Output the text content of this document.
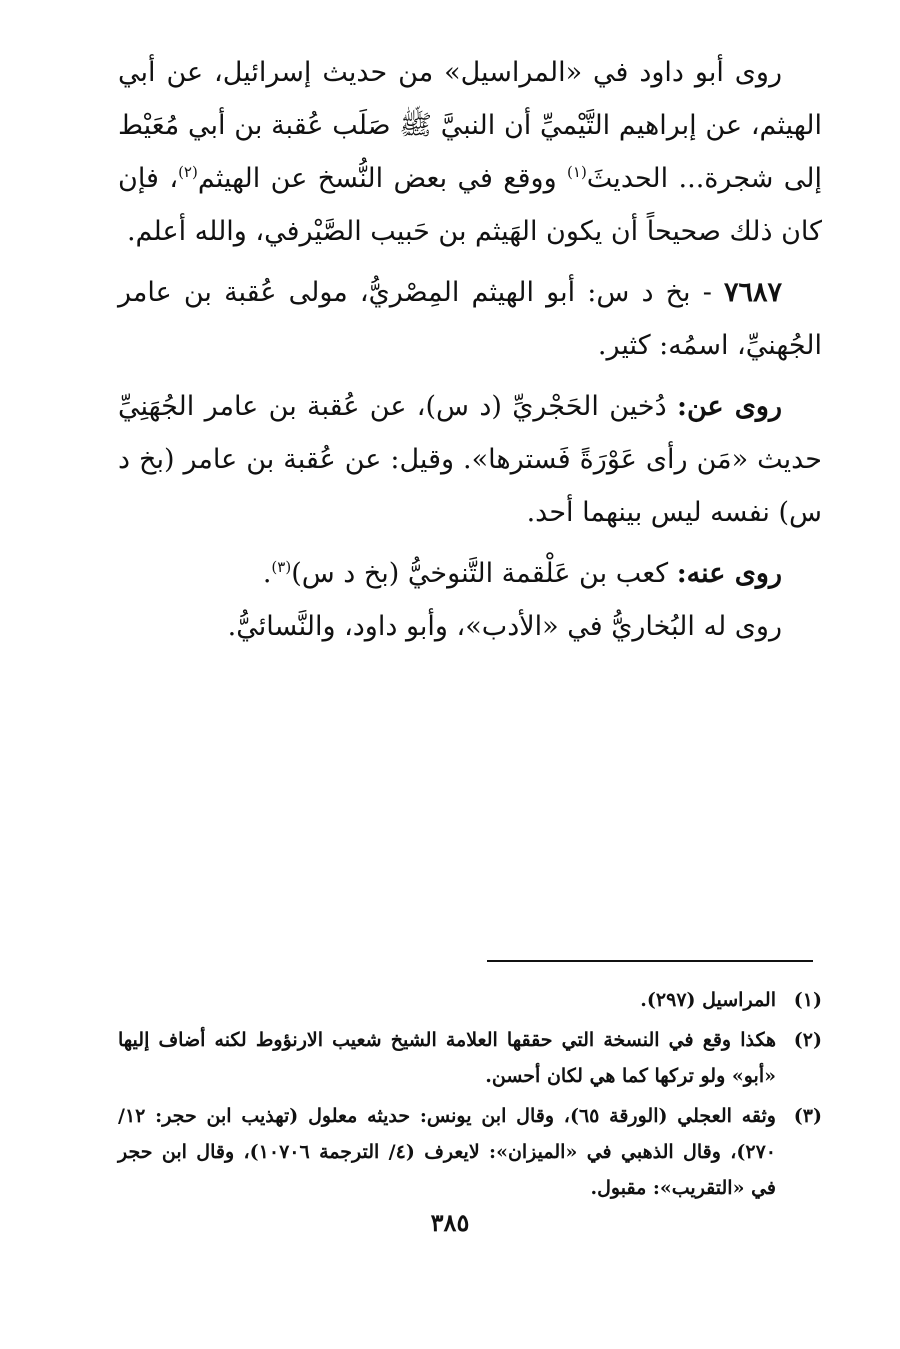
روى أبو داود في «المراسيل» من حديث إسرائيل، عن أبي الهيثم، عن إبراهيم التَّيْميِّ أن النبيَّ ﷺ صَلَب عُقبة بن أبي مُعَيْط إلى شجرة... الحديثَ$^{(١)}$ ووقع في بعض النُّسخ عن الهيثم$^{(٢)}$، فإن كان ذلك صحيحاً أن يكون الهَيثم بن حَبيب الصَّيْرفي، والله أعلم.

٧٦٨٧ - بخ د س: أبو الهيثم المِصْريُّ، مولى عُقبة بن عامر الجُهنيِّ، اسمُه: كثير.

روى عن: دُخين الحَجْريِّ (د س)، عن عُقبة بن عامر الجُهَنِيِّ حديث «مَن رأى عَوْرَةً فَسترها». وقيل: عن عُقبة بن عامر (بخ د س) نفسه ليس بينهما أحد.

روى عنه: كعب بن عَلْقمة التَّنوخيُّ (بخ د س)$^{(٣)}$.

روى له البُخاريُّ في «الأدب»، وأبو داود، والنَّسائيُّ.

(١)
المراسيل (٢٩٧).
(٢)
هكذا وقع في النسخة التي حققها العلامة الشيخ شعيب الارنؤوط لكنه أضاف إليها «أبو» ولو تركها كما هي لكان أحسن.
(٣)
وثقه العجلي (الورقة ٦٥)، وقال ابن يونس: حديثه معلول (تهذيب ابن حجر: ١٢/ ٢٧٠)، وقال الذهبي في «الميزان»: لايعرف (٤/ الترجمة ١٠٧٠٦)، وقال ابن حجر في «التقريب»: مقبول.
٣٨٥
